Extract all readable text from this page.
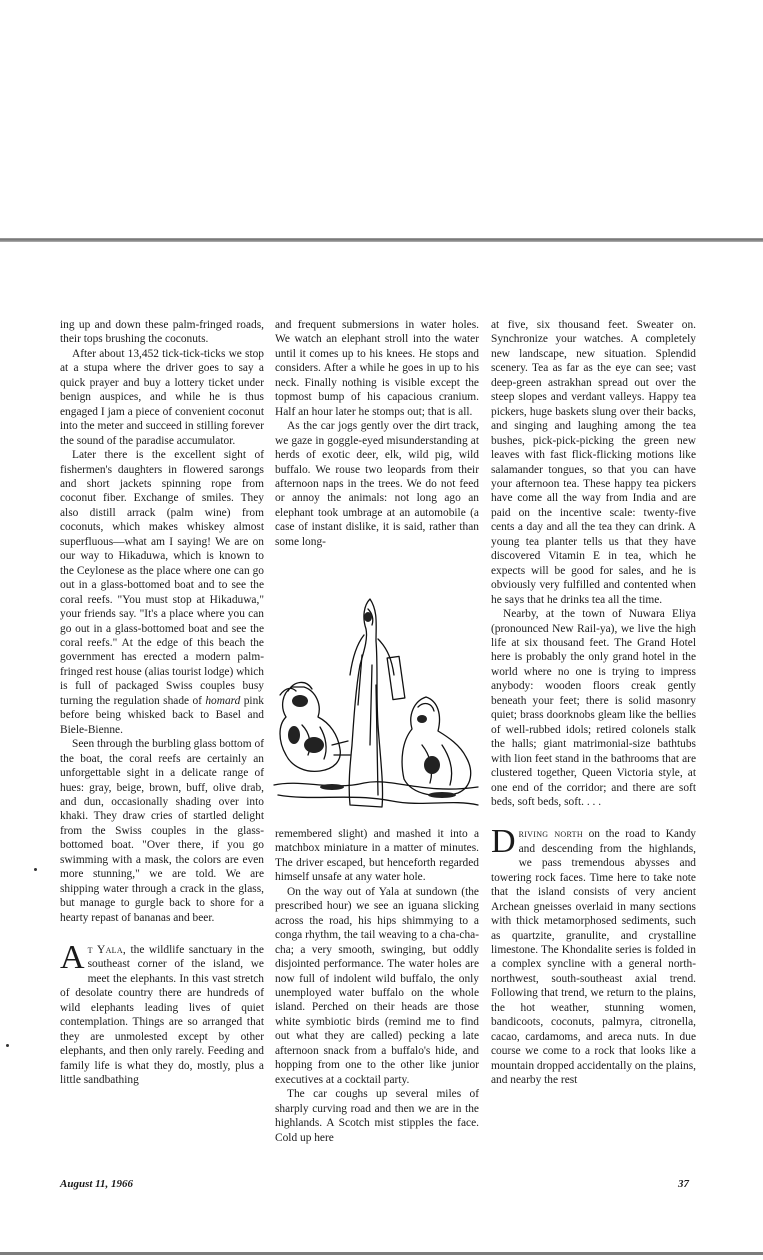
ing up and down these palm-fringed roads, their tops brushing the coconuts.

After about 13,452 tick-tick-ticks we stop at a stupa where the driver goes to say a quick prayer and buy a lottery ticket under benign auspices, and while he is thus engaged I jam a piece of convenient coconut into the meter and succeed in stilling forever the sound of the paradise accumulator.

Later there is the excellent sight of fishermen's daughters in flowered sarongs and short jackets spinning rope from coconut fiber. Exchange of smiles. They also distill arrack (palm wine) from coconuts, which makes whiskey almost superfluous—what am I saying! We are on our way to Hikaduwa, which is known to the Ceylonese as the place where one can go out in a glass-bottomed boat and to see the coral reefs. "You must stop at Hikaduwa," your friends say. "It's a place where you can go out in a glass-bottomed boat and see the coral reefs." At the edge of this beach the government has erected a modern palm-fringed rest house (alias tourist lodge) which is full of packaged Swiss couples busy turning the regulation shade of homard pink before being whisked back to Basel and Biele-Bienne.

Seen through the burbling glass bottom of the boat, the coral reefs are certainly an unforgettable sight in a delicate range of hues: gray, beige, brown, buff, olive drab, and dun, occasionally shading over into khaki. They draw cries of startled delight from the Swiss couples in the glass-bottomed boat. "Over there, if you go swimming with a mask, the colors are even more stunning," we are told. We are shipping water through a crack in the glass, but manage to gurgle back to shore for a hearty repast of bananas and beer.

At Yala, the wildlife sanctuary in the southeast corner of the island, we meet the elephants. In this vast stretch of desolate country there are hundreds of wild elephants leading lives of quiet contemplation. Things are so arranged that they are unmolested except by other elephants, and then only rarely. Feeding and family life is what they do, mostly, plus a little sandbathing

and frequent submersions in water holes. We watch an elephant stroll into the water until it comes up to his knees. He stops and considers. After a while he goes in up to his neck. Finally nothing is visible except the topmost bump of his capacious cranium. Half an hour later he stomps out; that is all.

As the car jogs gently over the dirt track, we gaze in goggle-eyed misunderstanding at herds of exotic deer, elk, wild pig, wild buffalo. We rouse two leopards from their afternoon naps in the trees. We do not feed or annoy the animals: not long ago an elephant took umbrage at an automobile (a case of instant dislike, it is said, rather than some long-

remembered slight) and mashed it into a matchbox miniature in a matter of minutes. The driver escaped, but henceforth regarded himself unsafe at any water hole.

On the way out of Yala at sundown (the prescribed hour) we see an iguana slicking across the road, his hips shimmying to a conga rhythm, the tail weaving to a cha-cha-cha; a very smooth, swinging, but oddly disjointed performance. The water holes are now full of indolent wild buffalo, the only unemployed water buffalo on the whole island. Perched on their heads are those white symbiotic birds (remind me to find out what they are called) pecking a late afternoon snack from a buffalo's hide, and hopping from one to the other like junior executives at a cocktail party.

The car coughs up several miles of sharply curving road and then we are in the highlands. A Scotch mist stipples the face. Cold up here

at five, six thousand feet. Sweater on. Synchronize your watches. A completely new landscape, new situation. Splendid scenery. Tea as far as the eye can see; vast deep-green astrakhan spread out over the steep slopes and verdant valleys. Happy tea pickers, huge baskets slung over their backs, and singing and laughing among the tea bushes, pick-pick-picking the green new leaves with fast flick-flicking motions like salamander tongues, so that you can have your afternoon tea. These happy tea pickers have come all the way from India and are paid on the incentive scale: twenty-five cents a day and all the tea they can drink. A young tea planter tells us that they have discovered Vitamin E in tea, which he expects will be good for sales, and he is obviously very fulfilled and contented when he says that he drinks tea all the time.

Nearby, at the town of Nuwara Eliya (pronounced New Rail-ya), we live the high life at six thousand feet. The Grand Hotel here is probably the only grand hotel in the world where no one is trying to impress anybody: wooden floors creak gently beneath your feet; there is solid masonry quiet; brass doorknobs gleam like the bellies of well-rubbed idols; retired colonels stalk the halls; giant matrimonial-size bathtubs with lion feet stand in the bathrooms that are clustered together, Queen Victoria style, at one end of the corridor; and there are soft beds, soft beds, soft. . . .

Driving north on the road to Kandy and descending from the highlands, we pass tremendous abysses and towering rock faces. Time here to take note that the island consists of very ancient Archean gneisses overlaid in many sections with thick metamorphosed sediments, such as quartzite, granulite, and crystalline limestone. The Khondalite series is folded in a complex syncline with a general north-northwest, south-southeast axial trend. Following that trend, we return to the plains, the hot weather, stunning women, bandicoots, coconuts, palmyra, citronella, cacao, cardamoms, and areca nuts. In due course we come to a rock that looks like a mountain dropped accidentally on the plains, and nearby the rest

August 11, 1966	37
